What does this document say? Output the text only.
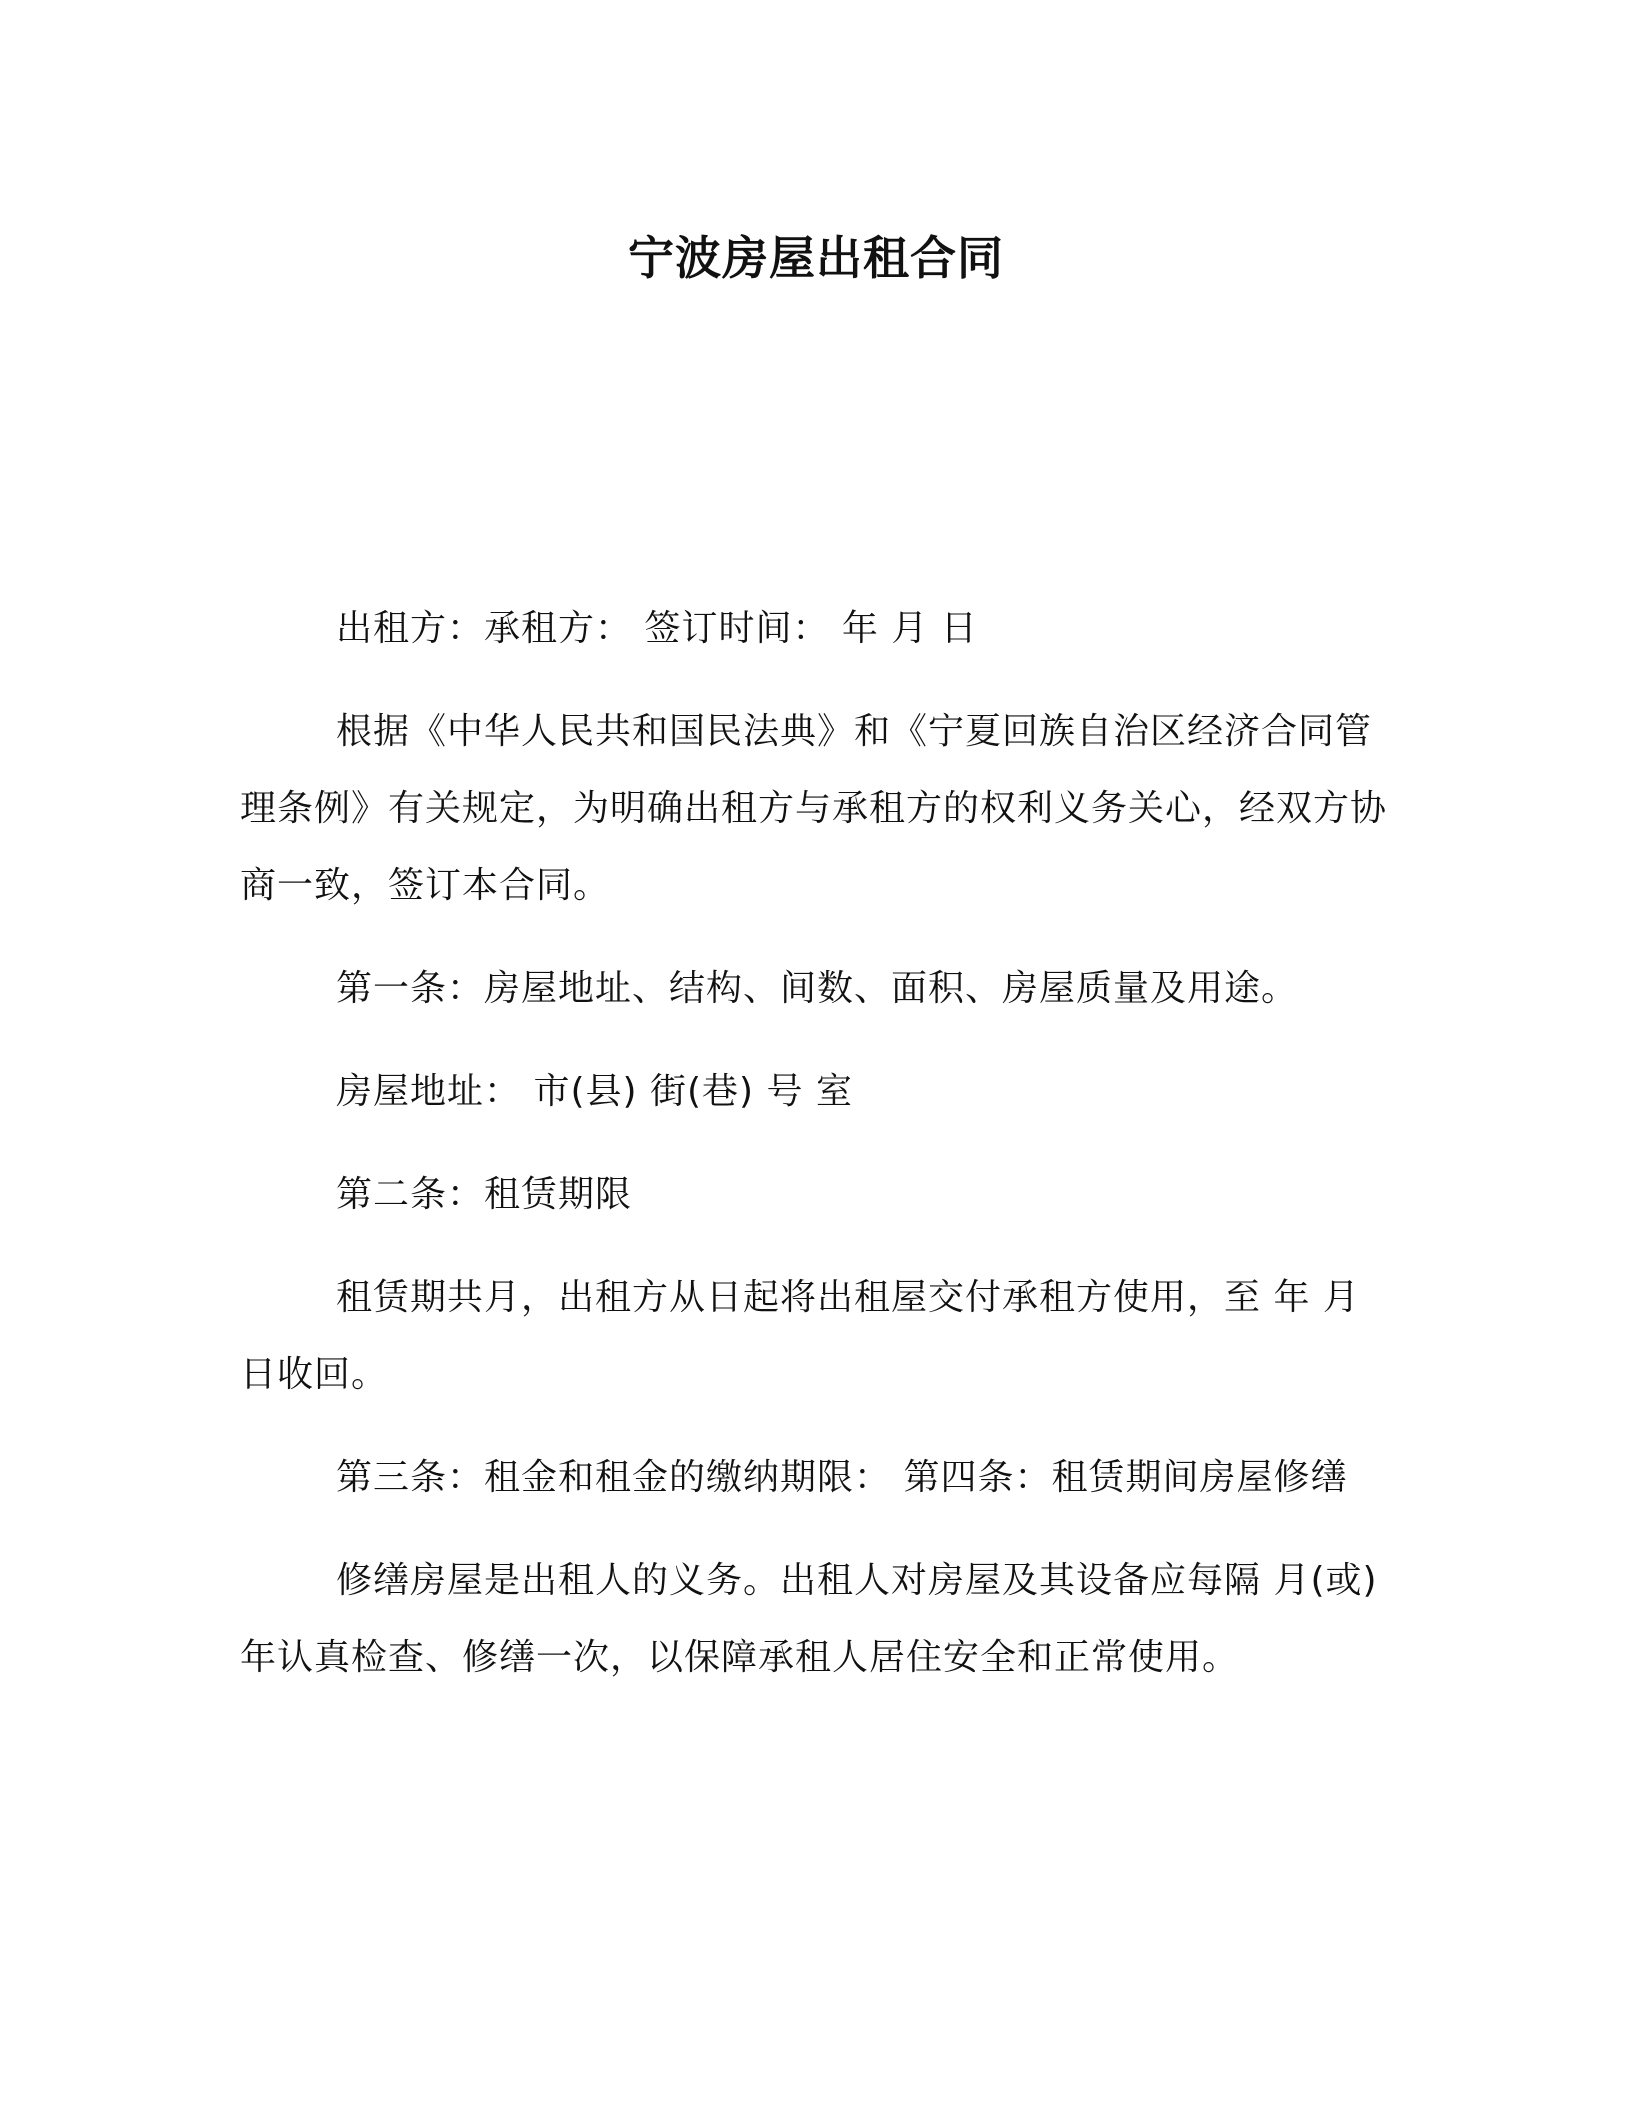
宁波房屋出租合同

出租方：承租方： 签订时间： 年 月 日

根据《中华人民共和国民法典》和《宁夏回族自治区经济合同管理条例》有关规定，为明确出租方与承租方的权利义务关心，经双方协商一致，签订本合同。

第一条：房屋地址、结构、间数、面积、房屋质量及用途。

房屋地址： 市(县) 街(巷) 号 室

第二条：租赁期限

租赁期共月，出租方从日起将出租屋交付承租方使用，至 年 月日收回。

第三条：租金和租金的缴纳期限： 第四条：租赁期间房屋修缮

修缮房屋是出租人的义务。出租人对房屋及其设备应每隔 月(或)年认真检查、修缮一次，以保障承租人居住安全和正常使用。
